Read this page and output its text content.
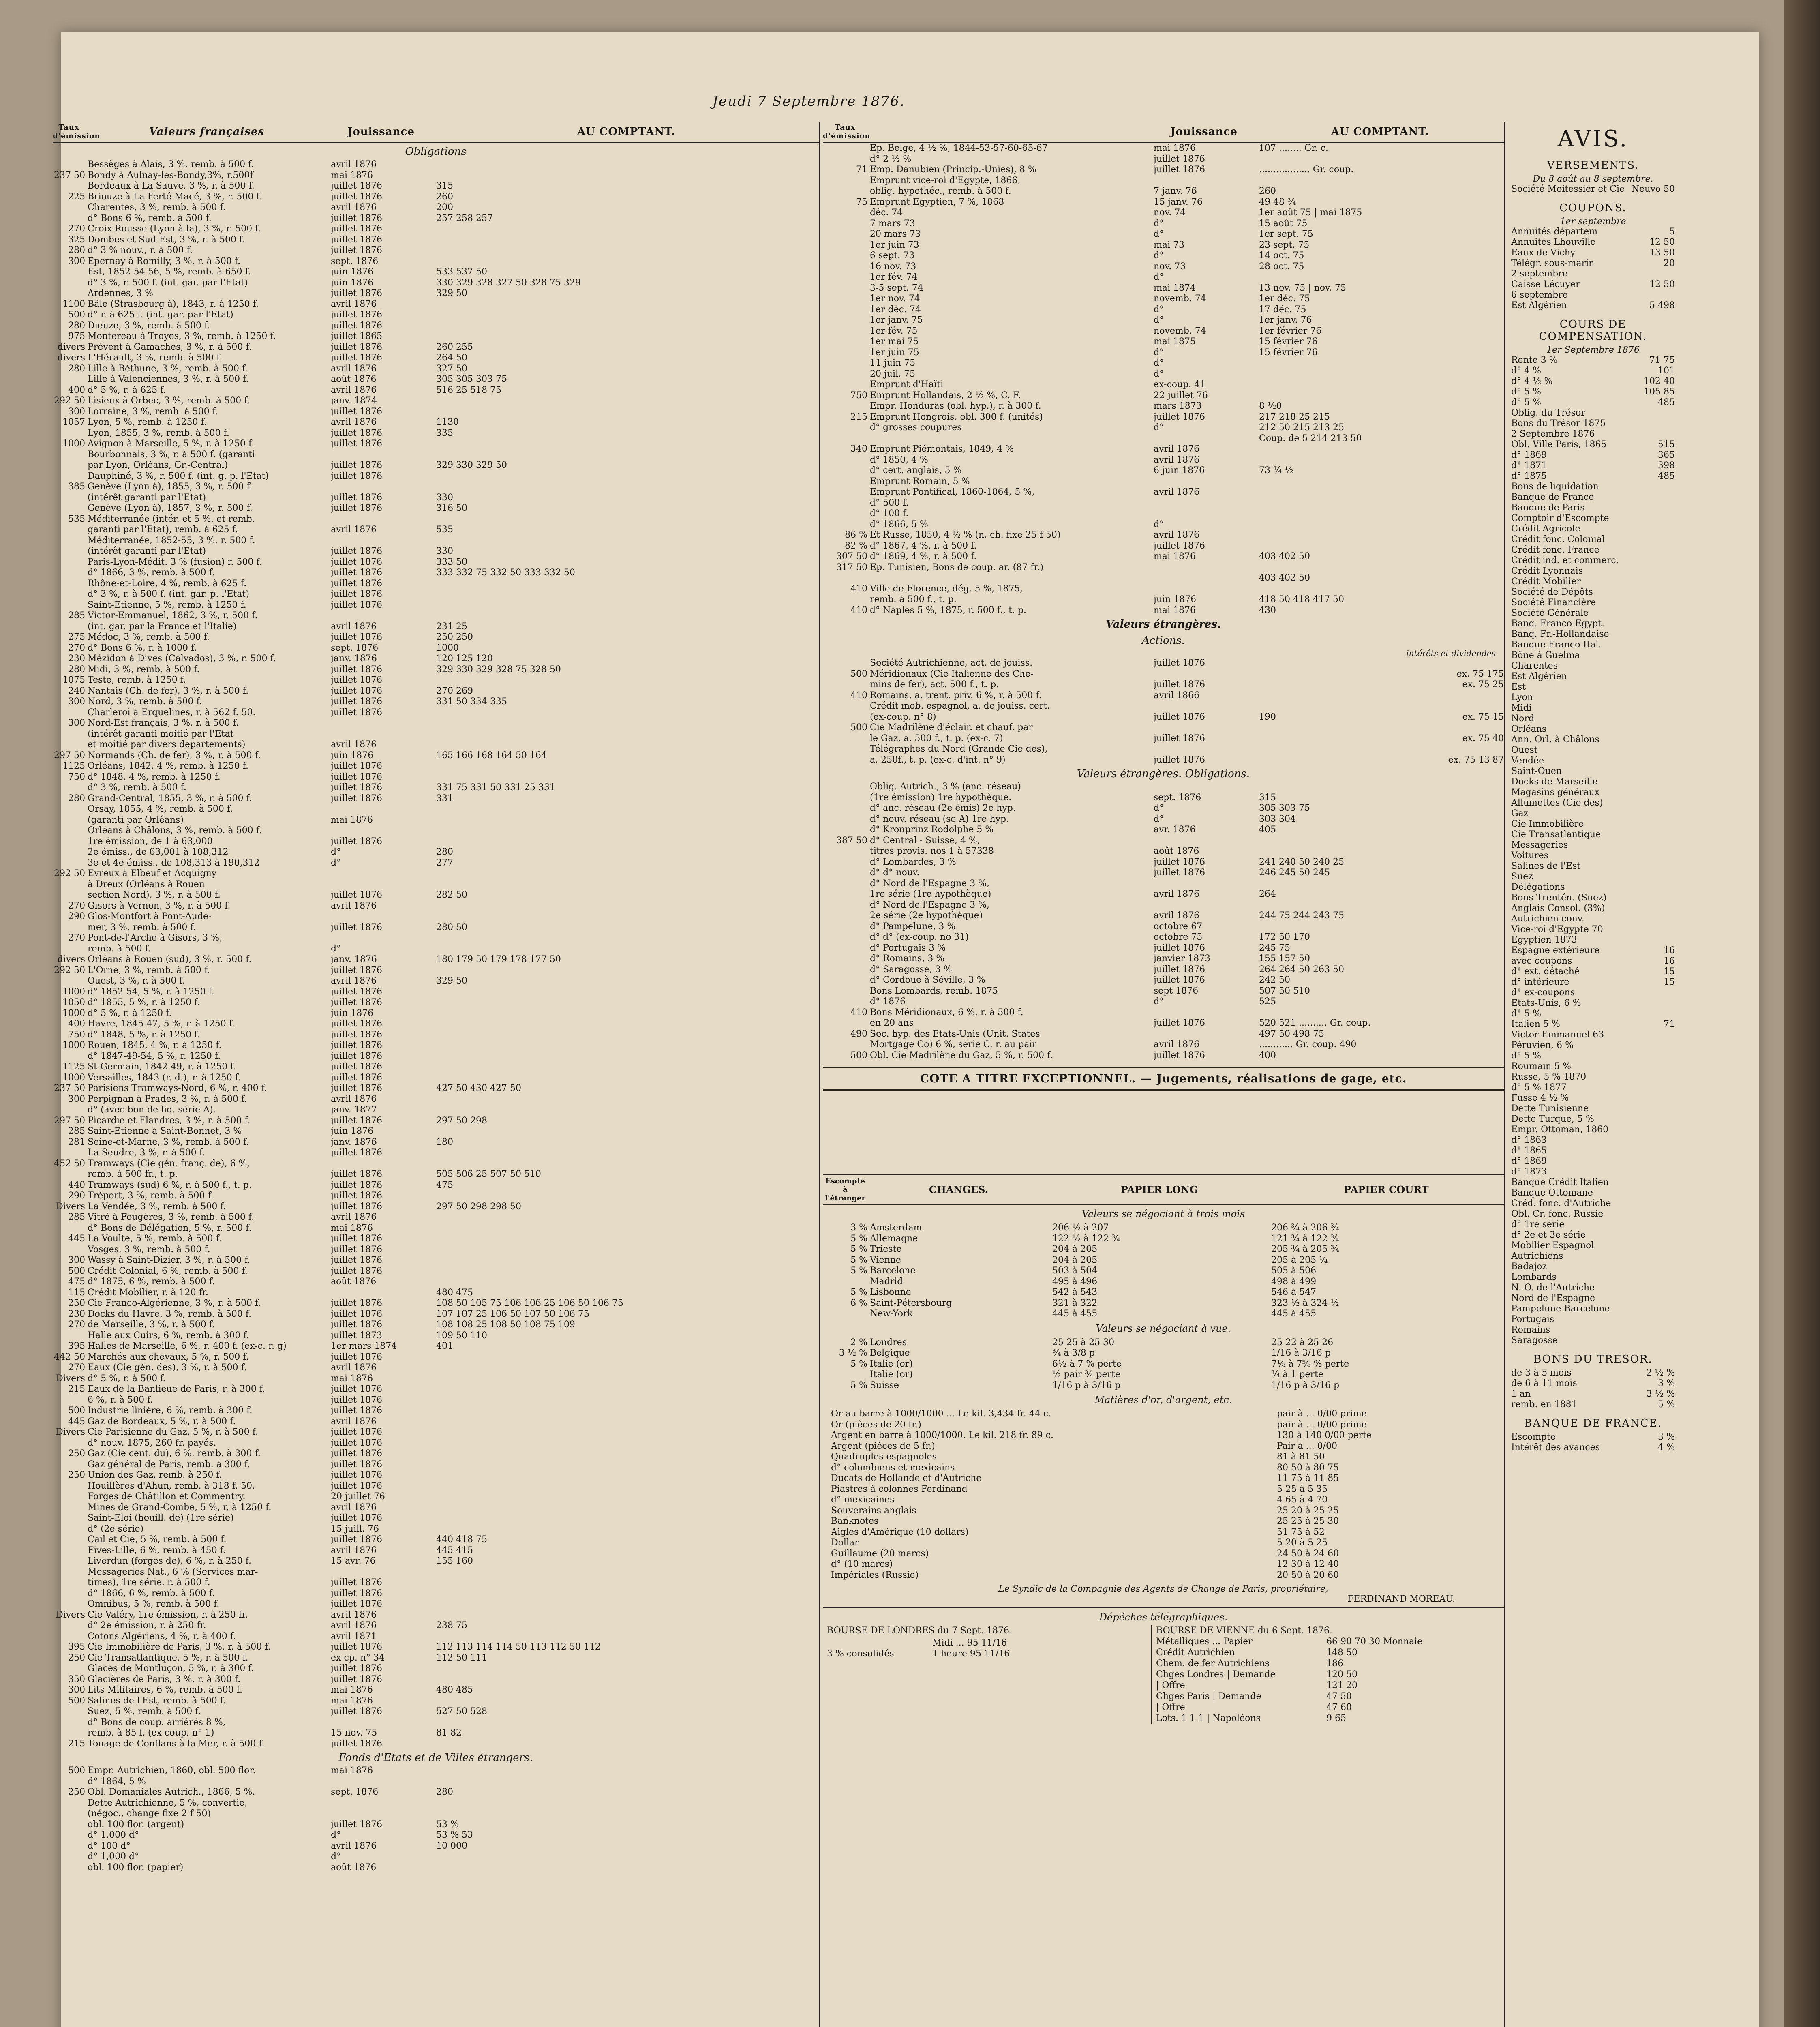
Jeudi 7 Septembre 1876.
Taux d'émission	Valeurs françaises	Jouissance	AU COMPTANT.
Obligations
Bessèges à Alais, 3 %, remb. à 500 f.	avril 1876
237 50 Bondy à Aulnay-les-Bondy,3%, r.500f	mai 1876
Bordeaux à La Sauve, 3 %, r. à 500 f.	juillet 1876	315
225 Briouze à La Ferté-Macé, 3 %, r. 500 f.	juillet 1876	260
Charentes, 3 %, remb. à 500 f.	avril 1876	200
d° Bons 6 %, remb. à 500 f.	juillet 1876	257 258 257
270 Croix-Rousse (Lyon à la), 3 %, r. 500 f.	juillet 1876
325 Dombes et Sud-Est, 3 %, r. à 500 f.	juillet 1876
280 d° 3 % nouv., r. à 500 f.	juillet 1876
300 Epernay à Romilly, 3 %, r. à 500 f.	sept. 1876
Est, 1852-54-56, 5 %, remb. à 650 f.	juin 1876	533 537 50
d° 3 %, r. 500 f. (int. gar. par l'Etat)	juin 1876	330 329 328 327 50 328 75 329
Ardennes, 3 %	juillet 1876	329 50
1100 Bâle (Strasbourg à), 1843, r. à 1250 f.	avril 1876
500 d° r. à 625 f. (int. gar. par l'Etat)	juillet 1876
280 Dieuze, 3 %, remb. à 500 f.	juillet 1876
975 Montereau à Troyes, 3 %, remb. à 1250 f.	juillet 1865
divers Prévent à Gamaches, 3 %, r. à 500 f.	juillet 1876	260 255
divers L'Hérault, 3 %, remb. à 500 f.	juillet 1876	264 50
280 Lille à Béthune, 3 %, remb. à 500 f.	avril 1876	327 50
Lille à Valenciennes, 3 %, r. à 500 f.	août 1876	305 305 303 75
400 d° 5 %, r. à 625 f.	avril 1876	516 25 518 75
292 50 Lisieux à Orbec, 3 %, remb. à 500 f.	janv. 1874
300 Lorraine, 3 %, remb. à 500 f.	juillet 1876
1057 Lyon, 5 %, remb. à 1250 f.	avril 1876	1130
Lyon, 1855, 3 %, remb. à 500 f.	juillet 1876	335
1000 Avignon à Marseille, 5 %, r. à 1250 f.	juillet 1876
Bourbonnais, 3 %, r. à 500 f. (garanti
par Lyon, Orléans, Gr.-Central)	juillet 1876	329 330 329 50
Dauphiné, 3 %, r. 500 f. (int. g. p. l'Etat)	juillet 1876
385 Genève (Lyon à), 1855, 3 %, r. 500 f.
(intérêt garanti par l'Etat)	juillet 1876	330
Genève (Lyon à), 1857, 3 %, r. 500 f.	juillet 1876	316 50
535 Méditerranée (intér. et 5 %, et remb.
garanti par l'Etat), remb. à 625 f.	avril 1876	535
Méditerranée, 1852-55, 3 %, r. 500 f.
(intérêt garanti par l'Etat)	juillet 1876	330
Paris-Lyon-Médit. 3 % (fusion) r. 500 f.	juillet 1876	333 50
d° 1866, 3 %, remb. à 500 f.	juillet 1876	333 332 75 332 50 333 332 50
Rhône-et-Loire, 4 %, remb. à 625 f.	juillet 1876
d° 3 %, r. à 500 f. (int. gar. p. l'Etat)	juillet 1876
Saint-Etienne, 5 %, remb. à 1250 f.	juillet 1876
285 Victor-Emmanuel, 1862, 3 %, r. 500 f.
(int. gar. par la France et l'Italie)	avril 1876	231 25
275 Médoc, 3 %, remb. à 500 f.	juillet 1876	250 250
270 d° Bons 6 %, r. à 1000 f.	sept. 1876	1000
230 Mézidon à Dives (Calvados), 3 %, r. 500 f.	janv. 1876	120 125 120
280 Midi, 3 %, remb. à 500 f.	juillet 1876	329 330 329 328 75 328 50
1075 Teste, remb. à 1250 f.	juillet 1876
240 Nantais (Ch. de fer), 3 %, r. à 500 f.	juillet 1876	270 269
300 Nord, 3 %, remb. à 500 f.	juillet 1876	331 50 334 335
Charleroi à Erquelines, r. à 562 f. 50.	juillet 1876
300 Nord-Est français, 3 %, r. à 500 f.
(intérêt garanti moitié par l'Etat
et moitié par divers départements)	avril 1876
297 50 Normands (Ch. de fer), 3 %, r. à 500 f.	juin 1876	165 166 168 164 50 164
1125 Orléans, 1842, 4 %, remb. à 1250 f.	juillet 1876
750 d° 1848, 4 %, remb. à 1250 f.	juillet 1876
d° 3 %, remb. à 500 f.	juillet 1876	331 75 331 50 331 25 331
280 Grand-Central, 1855, 3 %, r. à 500 f.	juillet 1876	331
Orsay, 1855, 4 %, remb. à 500 f.
(garanti par Orléans)	mai 1876
Orléans à Châlons, 3 %, remb. à 500 f.
1re émission, de 1 à 63,000	juillet 1876
2e émiss., de 63,001 à 108,312	d°	280
3e et 4e émiss., de 108,313 à 190,312	d°	277
292 50 Evreux à Elbeuf et Acquigny
à Dreux (Orléans à Rouen
section Nord), 3 %, r. à 500 f.	juillet 1876	282 50
270 Gisors à Vernon, 3 %, r. à 500 f.	avril 1876
290 Glos-Montfort à Pont-Aude-
mer, 3 %, remb. à 500 f.	juillet 1876	280 50
270 Pont-de-l'Arche à Gisors, 3 %,
remb. à 500 f.	d°
divers Orléans à Rouen (sud), 3 %, r. 500 f.	janv. 1876	180 179 50 179 178 177 50
292 50 L'Orne, 3 %, remb. à 500 f.	juillet 1876
Ouest, 3 %, r. à 500 f.	avril 1876	329 50
1000 d° 1852-54, 5 %, r. à 1250 f.	juillet 1876
1050 d° 1855, 5 %, r. à 1250 f.	juillet 1876
1000 d° 5 %, r. à 1250 f.	juin 1876
400 Havre, 1845-47, 5 %, r. à 1250 f.	juillet 1876
750 d° 1848, 5 %, r. à 1250 f.	juillet 1876
1000 Rouen, 1845, 4 %, r. à 1250 f.	juillet 1876
d° 1847-49-54, 5 %, r. 1250 f.	juillet 1876
1125 St-Germain, 1842-49, r. à 1250 f.	juillet 1876
1000 Versailles, 1843 (r. d.), r. à 1250 f.	juillet 1876
237 50 Parisiens Tramways-Nord, 6 %, r. 400 f.	juillet 1876	427 50 430 427 50
300 Perpignan à Prades, 3 %, r. à 500 f.	avril 1876
d° (avec bon de liq. série A).	janv. 1877
297 50 Picardie et Flandres, 3 %, r. à 500 f.	juillet 1876	297 50 298
285 Saint-Etienne à Saint-Bonnet, 3 %	juin 1876
281 Seine-et-Marne, 3 %, remb. à 500 f.	janv. 1876	180
La Seudre, 3 %, r. à 500 f.	juillet 1876
452 50 Tramways (Cie gén. franç. de), 6 %,
remb. à 500 fr., t. p.	juillet 1876	505 506 25 507 50 510
440 Tramways (sud) 6 %, r. à 500 f., t. p.	juillet 1876	475
290 Tréport, 3 %, remb. à 500 f.	juillet 1876
Divers La Vendée, 3 %, remb. à 500 f.	juillet 1876	297 50 298 298 50
285 Vitré à Fougères, 3 %, remb. à 500 f.	avril 1876
d° Bons de Délégation, 5 %, r. 500 f.	mai 1876
445 La Voulte, 5 %, remb. à 500 f.	juillet 1876
Vosges, 3 %, remb. à 500 f.	juillet 1876
300 Wassy à Saint-Dizier, 3 %, r. à 500 f.	juillet 1876
500 Crédit Colonial, 6 %, remb. à 500 f.	juillet 1876
475 d° 1875, 6 %, remb. à 500 f.	août 1876
115 Crédit Mobilier, r. à 120 fr.	480 475
250 Cie Franco-Algérienne, 3 %, r. à 500 f.	juillet 1876	108 50 105 75 106 106 25 106 50 106 75
230 Docks du Havre, 3 %, remb. à 500 f.	juillet 1876	107 107 25 106 50 107 50 106 75
270 de Marseille, 3 %, r. à 500 f.	juillet 1876	108 108 25 108 50 108 75 109
Halle aux Cuirs, 6 %, remb. à 300 f.	juillet 1873	109 50 110
395 Halles de Marseille, 6 %, r. 400 f. (ex-c. r. g)	1er mars 1874	401
442 50 Marchés aux chevaux, 5 %, r. 500 f.	juillet 1876
270 Eaux (Cie gén. des), 3 %, r. à 500 f.	avril 1876
Divers d° 5 %, r. à 500 f.	mai 1876
215 Eaux de la Banlieue de Paris, r. à 300 f.	juillet 1876
6 %, r. à 500 f.	juillet 1876
500 Industrie linière, 6 %, remb. à 300 f.	juillet 1876
445 Gaz de Bordeaux, 5 %, r. à 500 f.	avril 1876
Divers Cie Parisienne du Gaz, 5 %, r. à 500 f.	juillet 1876
d° nouv. 1875, 260 fr. payés.	juillet 1876
250 Gaz (Cie cent. du), 6 %, remb. à 300 f.	juillet 1876
Gaz général de Paris, remb. à 300 f.	juillet 1876
250 Union des Gaz, remb. à 250 f.	juillet 1876
Houillères d'Ahun, remb. à 318 f. 50.	juillet 1876
Forges de Châtillon et Commentry.	20 juillet 76
Mines de Grand-Combe, 5 %, r. à 1250 f.	avril 1876
Saint-Eloi (houill. de) (1re série)	juillet 1876
d° (2e série)	15 juill. 76
Cail et Cie, 5 %, remb. à 500 f.	juillet 1876	440 418 75
Fives-Lille, 6 %, remb. à 450 f.	avril 1876	445 415
Liverdun (forges de), 6 %, r. à 250 f.	15 avr. 76	155 160
Messageries Nat., 6 % (Services mar-
times), 1re série, r. à 500 f.	juillet 1876
d° 1866, 6 %, remb. à 500 f.	juillet 1876
Omnibus, 5 %, remb. à 500 f.	juillet 1876
Divers Cie Valéry, 1re émission, r. à 250 fr.	avril 1876
d° 2e émission, r. à 250 fr.	avril 1876	238 75
Cotons Algériens, 4 %, r. à 400 f.	avril 1871
395 Cie Immobilière de Paris, 3 %, r. à 500 f.	juillet 1876	112 113 114 114 50 113 112 50 112
250 Cie Transatlantique, 5 %, r. à 500 f.	ex-cp. n° 34	112 50 111
Glaces de Montluçon, 5 %, r. à 300 f.	juillet 1876
350 Glacières de Paris, 3 %, r. à 300 f.	juillet 1876
300 Lits Militaires, 6 %, remb. à 500 f.	mai 1876	480 485
500 Salines de l'Est, remb. à 500 f.	mai 1876
Suez, 5 %, remb. à 500 f.	juillet 1876	527 50 528
d° Bons de coup. arriérés 8 %,
remb. à 85 f. (ex-coup. n° 1)	15 nov. 75	81 82
215 Touage de Conflans à la Mer, r. à 500 f.	juillet 1876
Fonds d'Etats et de Villes étrangers.
500 Empr. Autrichien, 1860, obl. 500 flor.	mai 1876
d° 1864, 5 %
250 Obl. Domaniales Autrich., 1866, 5 %.	sept. 1876	280
Dette Autrichienne, 5 %, convertie,
(négoc., change fixe 2 f 50)
obl. 100 flor. (argent)	juillet 1876	53 %
d° 1,000 d°	d°	53 % 53
d° 100 d°	avril 1876	10 000
d° 1,000 d°	d°
obl. 100 flor. (papier)	août 1876
Taux d'émission	Jouissance	AU COMPTANT.
Ep. Belge, 4 ½ %, 1844-53-57-60-65-67	mai 1876	107 ........ Gr. c.
d° 2 ½ %	juillet 1876
71 Emp. Danubien (Princip.-Unies), 8 %	juillet 1876	.................. Gr. coup.
Emprunt vice-roi d'Egypte, 1866,
oblig. hypothéc., remb. à 500 f.	7 janv. 76	260
75 Emprunt Egyptien, 7 %, 1868	15 janv. 76	49 48 ¾
déc. 74	nov. 74	1er août 75 | mai 1875
7 mars 73	d°	15 août 75
20 mars 73	d°	1er sept. 75
1er juin 73	mai 73	23 sept. 75
6 sept. 73	d°	14 oct. 75
16 nov. 73	nov. 73	28 oct. 75
1er fév. 74	d°
3-5 sept. 74	mai 1874	13 nov. 75 | nov. 75
1er nov. 74	novemb. 74	1er déc. 75
1er déc. 74	d°	17 déc. 75
1er janv. 75	d°	1er janv. 76
1er fév. 75	novemb. 74	1er février 76
1er mai 75	mai 1875	15 février 76
1er juin 75	d°	15 février 76
11 juin 75	d°
20 juil. 75	d°
Emprunt d'Haïti	ex-coup. 41
750 Emprunt Hollandais, 2 ½ %, C. F.	22 juillet 76
Empr. Honduras (obl. hyp.), r. à 300 f.	mars 1873	8 ½0
215 Emprunt Hongrois, obl. 300 f. (unités)	juillet 1876	217 218 25 215
d° grosses coupures	d°	212 50 215 213 25
Coup. de 5 214 213 50
340 Emprunt Piémontais, 1849, 4 %	avril 1876
d° 1850, 4 %	avril 1876
d° cert. anglais, 5 %	6 juin 1876	73 ¾ ½
Emprunt Romain, 5 %
Emprunt Pontifical, 1860-1864, 5 %,	avril 1876
d° 500 f.
d° 100 f.
d° 1866, 5 %	d°
86 % Et Russe, 1850, 4 ½ % (n. ch. fixe 25 f 50)	avril 1876
82 % d° 1867, 4 %, r. à 500 f.	juillet 1876
307 50 d° 1869, 4 %, r. à 500 f.	mai 1876	403 402 50
317 50 Ep. Tunisien, Bons de coup. ar. (87 fr.)
403 402 50
410 Ville de Florence, dég. 5 %, 1875,
remb. à 500 f., t. p.	juin 1876	418 50 418 417 50
410 d° Naples 5 %, 1875, r. 500 f., t. p.	mai 1876	430
Valeurs étrangères.
Actions.
intérêts et dividendes
Société Autrichienne, act. de jouiss.	juillet 1876
500 Méridionaux (Cie Italienne des Che-	ex. 75 175
mins de fer), act. 500 f., t. p.	juillet 1876	ex. 75 25
410 Romains, a. trent. priv. 6 %, r. à 500 f.	avril 1866
Crédit mob. espagnol, a. de jouiss. cert.
(ex-coup. n° 8)	juillet 1876	190	ex. 75 15
500 Cie Madrilène d'éclair. et chauf. par
le Gaz, a. 500 f., t. p. (ex-c. 7)	juillet 1876	ex. 75 40
Télégraphes du Nord (Grande Cie des),
a. 250f., t. p. (ex-c. d'int. n° 9)	juillet 1876	ex. 75 13 87
Valeurs étrangères. Obligations.
Oblig. Autrich., 3 % (anc. réseau)
(1re émission) 1re hypothèque.	sept. 1876	315
d° anc. réseau (2e émis) 2e hyp.	d°	305 303 75
d° nouv. réseau (se A) 1re hyp.	d°	303 304
d° Kronprinz Rodolphe 5 %	avr. 1876	405
387 50 d° Central - Suisse, 4 %,
titres provis. nos 1 à 57338	août 1876
d° Lombardes, 3 %	juillet 1876	241 240 50 240 25
d° d° nouv.	juillet 1876	246 245 50 245
d° Nord de l'Espagne 3 %,
1re série (1re hypothèque)	avril 1876	264
d° Nord de l'Espagne 3 %,
2e série (2e hypothèque)	avril 1876	244 75 244 243 75
d° Pampelune, 3 %	octobre 67
d° d° (ex-coup. no 31)	octobre 75	172 50 170
d° Portugais 3 %	juillet 1876	245 75
d° Romains, 3 %	janvier 1873	155 157 50
d° Saragosse, 3 %	juillet 1876	264 264 50 263 50
d° Cordoue à Séville, 3 %	juillet 1876	242 50
Bons Lombards, remb. 1875	sept 1876	507 50 510
d° 1876	d°	525
410 Bons Méridionaux, 6 %, r. à 500 f.
en 20 ans	juillet 1876	520 521 .......... Gr. coup.
490 Soc. hyp. des Etats-Unis (Unit. States	497 50 498 75
Mortgage Co) 6 %, série C, r. au pair	avril 1876	............ Gr. coup. 490
500 Obl. Cie Madrilène du Gaz, 5 %, r. 500 f.	juillet 1876	400
COTE A TITRE EXCEPTIONNEL. — Jugements, réalisations de gage, etc.
Escompte à l'étranger
CHANGES.	PAPIER LONG	PAPIER COURT
Valeurs se négociant à trois mois
3 % Amsterdam	206 ½ à 207	206 ¾ à 206 ¾
5 % Allemagne	122 ½ à 122 ¾	121 ¾ à 122 ¾
5 % Trieste	204 à 205	205 ¾ à 205 ¾
5 % Vienne	204 à 205	205 à 205 ¼
5 % Barcelone	503 à 504	505 à 506
Madrid	495 à 496	498 à 499
5 % Lisbonne	542 à 543	546 à 547
6 % Saint-Pétersbourg	321 à 322	323 ½ à 324 ½
New-York	445 à 455	445 à 455
Valeurs se négociant à vue.
2 % Londres	25 25 à 25 30	25 22 à 25 26
3 ½ % Belgique	¾ à 3/8 p	1/16 à 3/16 p
5 % Italie (or)	6½ à 7 % perte	7⅛ à 7⅝ % perte
Italie (or)	½ pair ¾ perte	¾ à 1 perte
5 % Suisse	1/16 p à 3/16 p	1/16 p à 3/16 p
Matières d'or, d'argent, etc.
Or au barre à 1000/1000 ... Le kil. 3,434 fr. 44 c.	pair à ... 0/00 prime
Or (pièces de 20 fr.)	pair à ... 0/00 prime
Argent en barre à 1000/1000. Le kil. 218 fr. 89 c.	130 à 140 0/00 perte
Argent (pièces de 5 fr.)	Pair à ... 0/00
Quadruples espagnoles	81 à 81 50
d° colombiens et mexicains	80 50 à 80 75
Ducats de Hollande et d'Autriche	11 75 à 11 85
Piastres à colonnes Ferdinand	5 25 à 5 35
d° mexicaines	4 65 à 4 70
Souverains anglais	25 20 à 25 25
Banknotes	25 25 à 25 30
Aigles d'Amérique (10 dollars)	51 75 à 52
Dollar	5 20 à 5 25
Guillaume (20 marcs)	24 50 à 24 60
d° (10 marcs)	12 30 à 12 40
Impériales (Russie)	20 50 à 20 60
Le Syndic de la Compagnie des Agents de Change de Paris, propriétaire,
FERDINAND MOREAU.
Dépêches télégraphiques.
BOURSE DE LONDRES du 7 Sept. 1876.
3 % consolidés
Midi ... 95 11/16
1 heure 95 11/16
BOURSE DE VIENNE du 6 Sept. 1876.
Métalliques ... Papier	66 90 70 30 Monnaie
Crédit Autrichien	148 50
Chem. de fer Autrichiens	186
Chges Londres | Demande	120 50
| Offre	121 20
Chges Paris | Demande	47 50
| Offre	47 60
Lots. 1 1 1 | Napoléons	9 65
AVIS.
VERSEMENTS.
Du 8 août au 8 septembre.
Société Moitessier et Cie Neuvo 50
COUPONS.
1er septembre
Annuités départem	5
Annuités Lhouville	12 50
Eaux de Vichy	13 50
Télégr. sous-marin	20
2 septembre
Caisse Lécuyer	12 50
6 septembre
Est Algérien	5 498
COURS DE COMPENSATION.
1er Septembre 1876
Rente 3 %	71 75
d° 4 %	101
d° 4 ½ %	102 40
d° 5 %	105 85
d° 5 %	485
Oblig. du Trésor
Bons du Trésor 1875
2 Septembre 1876
Obl. Ville Paris, 1865	515
d° 1869	365
d° 1871	398
d° 1875	485
Bons de liquidation
Banque de France
Banque de Paris
Comptoir d'Escompte
Crédit Agricole
Crédit fonc. Colonial
Crédit fonc. France
Crédit ind. et commerc.
Crédit Lyonnais
Crédit Mobilier
Société de Dépôts
Société Financière
Société Générale
Banq. Franco-Egypt.
Banq. Fr.-Hollandaise
Banque Franco-Ital.
Bône à Guelma
Charentes
Est Algérien
Est
Lyon
Midi
Nord
Orléans
Ann. Orl. à Châlons
Ouest
Vendée
Saint-Ouen
Docks de Marseille
Magasins généraux
Allumettes (Cie des)
Gaz
Cie Immobilière
Cie Transatlantique
Messageries
Voitures
Salines de l'Est
Suez
Délégations
Bons Trentén. (Suez)
Anglais Consol. (3%)
Autrichien conv.
Vice-roi d'Egypte 70
Egyptien 1873
Espagne extérieure	16
avec coupons	16
d° ext. détaché	15
d° intérieure	15
d° ex-coupons
Etats-Unis, 6 %
d° 5 %
Italien 5 %	71
Victor-Emmanuel 63
Péruvien, 6 %
d° 5 %
Roumain 5 %
Russe, 5 % 1870
d° 5 % 1877
Fusse 4 ½ %
Dette Tunisienne
Dette Turque, 5 %
Empr. Ottoman, 1860
d° 1863
d° 1865
d° 1869
d° 1873
Banque Crédit Italien
Banque Ottomane
Créd. fonc. d'Autriche
Obl. Cr. fonc. Russie
d° 1re série
d° 2e et 3e série
Mobilier Espagnol
Autrichiens
Badajoz
Lombards
N.-O. de l'Autriche
Nord de l'Espagne
Pampelune-Barcelone
Portugais
Romains
Saragosse
BONS DU TRESOR.
de 3 à 5 mois	2 ½ %
de 6 à 11 mois	3 %
1 an	3 ½ %
remb. en 1881	5 %
BANQUE DE FRANCE.
Escompte	3 %
Intérêt des avances	4 %
